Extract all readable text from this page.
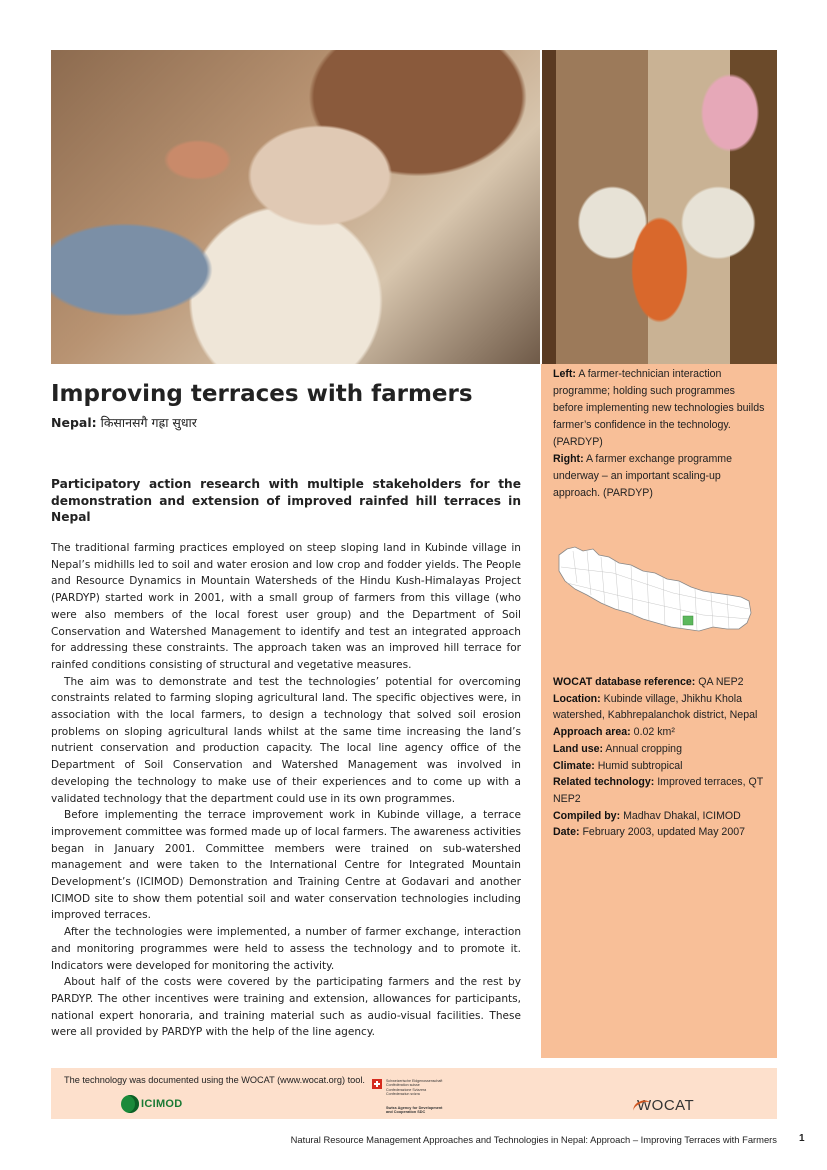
Left: A farmer-technician interaction programme; holding such programmes before implementing new technologies builds farmer’s confidence in the technology. (PARDYP)
Right: A farmer exchange programme underway – an important scaling-up approach. (PARDYP)
WOCAT database reference: QA NEP2
Location: Kubinde village, Jhikhu Khola watershed, Kabhrepalanchok district, Nepal
Approach area: 0.02 km²
Land use: Annual cropping
Climate: Humid subtropical
Related technology: Improved terraces, QT NEP2
Compiled by: Madhav Dhakal, ICIMOD
Date: February 2003, updated May 2007
Improving terraces with farmers

Nepal: किसानसगै गह्रा सुधार

Participatory action research with multiple stakeholders for the demonstration and extension of improved rainfed hill terraces in Nepal

The traditional farming practices employed on steep sloping land in Kubinde village in Nepal’s midhills led to soil and water erosion and low crop and fodder yields. The People and Resource Dynamics in Mountain Watersheds of the Hindu Kush-Himalayas Project (PARDYP) started work in 2001, with a small group of farmers from this village (who were also members of the local forest user group) and the Department of Soil Conservation and Watershed Management to identify and test an integrated approach for addressing these constraints. The approach taken was an improved hill terrace for rainfed conditions consisting of structural and vegetative measures.

The aim was to demonstrate and test the technologies’ potential for overcoming constraints related to farming sloping agricultural land. The specific objectives were, in association with the local farmers, to design a technology that solved soil erosion problems on sloping agricultural lands whilst at the same time increasing the land’s nutrient conservation and production capacity. The local line agency office of the Department of Soil Conservation and Watershed Management was involved in developing the technology to make use of their experiences and to come up with a validated technology that the department could use in its own programmes.

Before implementing the terrace improvement work in Kubinde village, a terrace improvement committee was formed made up of local farmers. The awareness activities began in January 2001. Committee members were trained on sub-watershed management and were taken to the International Centre for Integrated Mountain Development’s (ICIMOD) Demonstration and Training Centre at Godavari and another ICIMOD site to show them potential soil and water conservation technologies including improved terraces.

After the technologies were implemented, a number of farmer exchange, interaction and monitoring programmes were held to assess the technology and to promote it. Indicators were developed for monitoring the activity.

About half of the costs were covered by the participating farmers and the rest by PARDYP. The other incentives were training and extension, allowances for participants, national expert honoraria, and training material such as audio-visual facilities. These were all provided by PARDYP with the help of the line agency.

The technology was documented using the WOCAT (www.wocat.org) tool.
ICIMOD
Schweizerische Eidgenossenschaft
Confédération suisse
Confederazione Svizzera
Confederaziun svizra
Swiss Agency for Development
and Cooperation SDC	WOCAT
Natural Resource Management Approaches and Technologies in Nepal: Approach – Improving Terraces with Farmers 1
